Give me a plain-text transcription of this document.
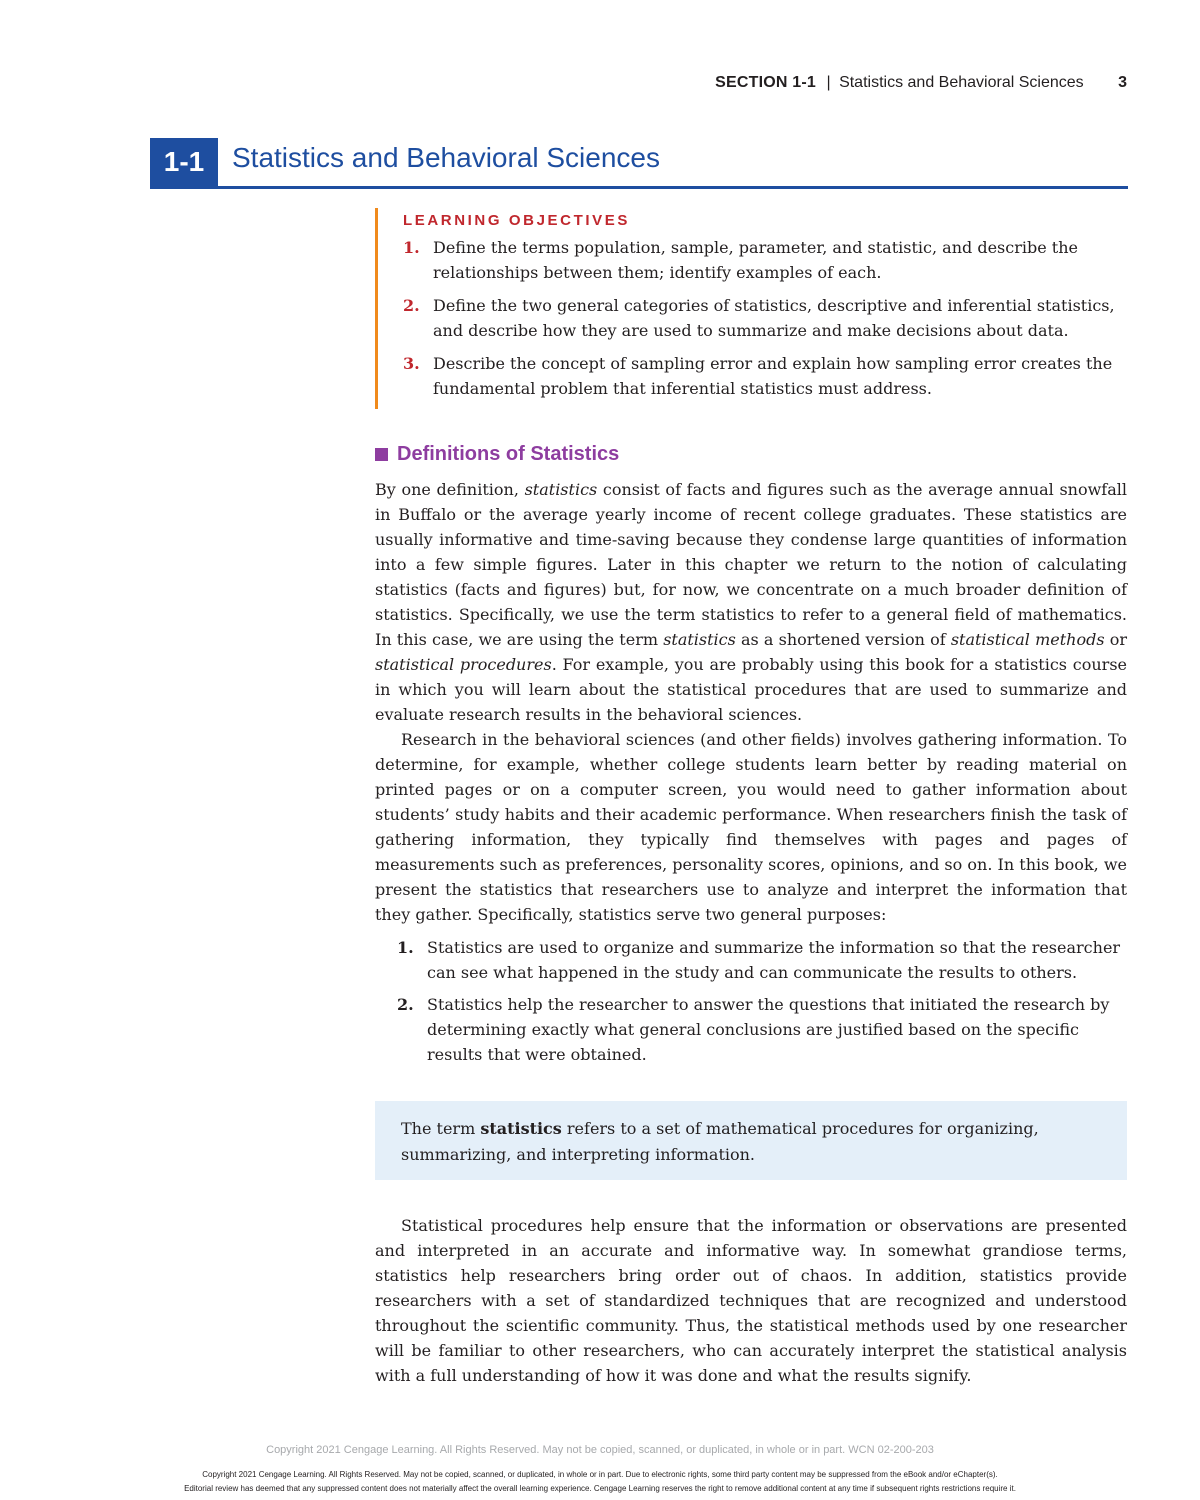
SECTION 1-1 | Statistics and Behavioral Sciences 3
1-1 Statistics and Behavioral Sciences
LEARNING OBJECTIVES
1. Define the terms population, sample, parameter, and statistic, and describe the relationships between them; identify examples of each.
2. Define the two general categories of statistics, descriptive and inferential statistics, and describe how they are used to summarize and make decisions about data.
3. Describe the concept of sampling error and explain how sampling error creates the fundamental problem that inferential statistics must address.
Definitions of Statistics

By one definition, statistics consist of facts and figures such as the average annual snowfall in Buffalo or the average yearly income of recent college graduates. These statistics are usually informative and time-saving because they condense large quantities of information into a few simple figures. Later in this chapter we return to the notion of calculating statistics (facts and figures) but, for now, we concentrate on a much broader definition of statistics. Specifically, we use the term statistics to refer to a general field of mathematics. In this case, we are using the term statistics as a shortened version of statistical methods or statistical procedures. For example, you are probably using this book for a statistics course in which you will learn about the statistical procedures that are used to summarize and evaluate research results in the behavioral sciences.

Research in the behavioral sciences (and other fields) involves gathering information. To determine, for example, whether college students learn better by reading material on printed pages or on a computer screen, you would need to gather information about students’ study habits and their academic performance. When researchers finish the task of gathering information, they typically find themselves with pages and pages of measurements such as preferences, personality scores, opinions, and so on. In this book, we present the statistics that researchers use to analyze and interpret the information that they gather. Specifically, statistics serve two general purposes:

1. Statistics are used to organize and summarize the information so that the researcher can see what happened in the study and can communicate the results to others.
2. Statistics help the researcher to answer the questions that initiated the research by determining exactly what general conclusions are justified based on the specific results that were obtained.
The term statistics refers to a set of mathematical procedures for organizing, summarizing, and interpreting information.

Statistical procedures help ensure that the information or observations are presented and interpreted in an accurate and informative way. In somewhat grandiose terms, statistics help researchers bring order out of chaos. In addition, statistics provide researchers with a set of standardized techniques that are recognized and understood throughout the scientific community. Thus, the statistical methods used by one researcher will be familiar to other researchers, who can accurately interpret the statistical analysis with a full understanding of how it was done and what the results signify.

Copyright 2021 Cengage Learning. All Rights Reserved. May not be copied, scanned, or duplicated, in whole or in part. WCN 02-200-203
Copyright 2021 Cengage Learning. All Rights Reserved. May not be copied, scanned, or duplicated, in whole or in part. Due to electronic rights, some third party content may be suppressed from the eBook and/or eChapter(s).
Editorial review has deemed that any suppressed content does not materially affect the overall learning experience. Cengage Learning reserves the right to remove additional content at any time if subsequent rights restrictions require it.
